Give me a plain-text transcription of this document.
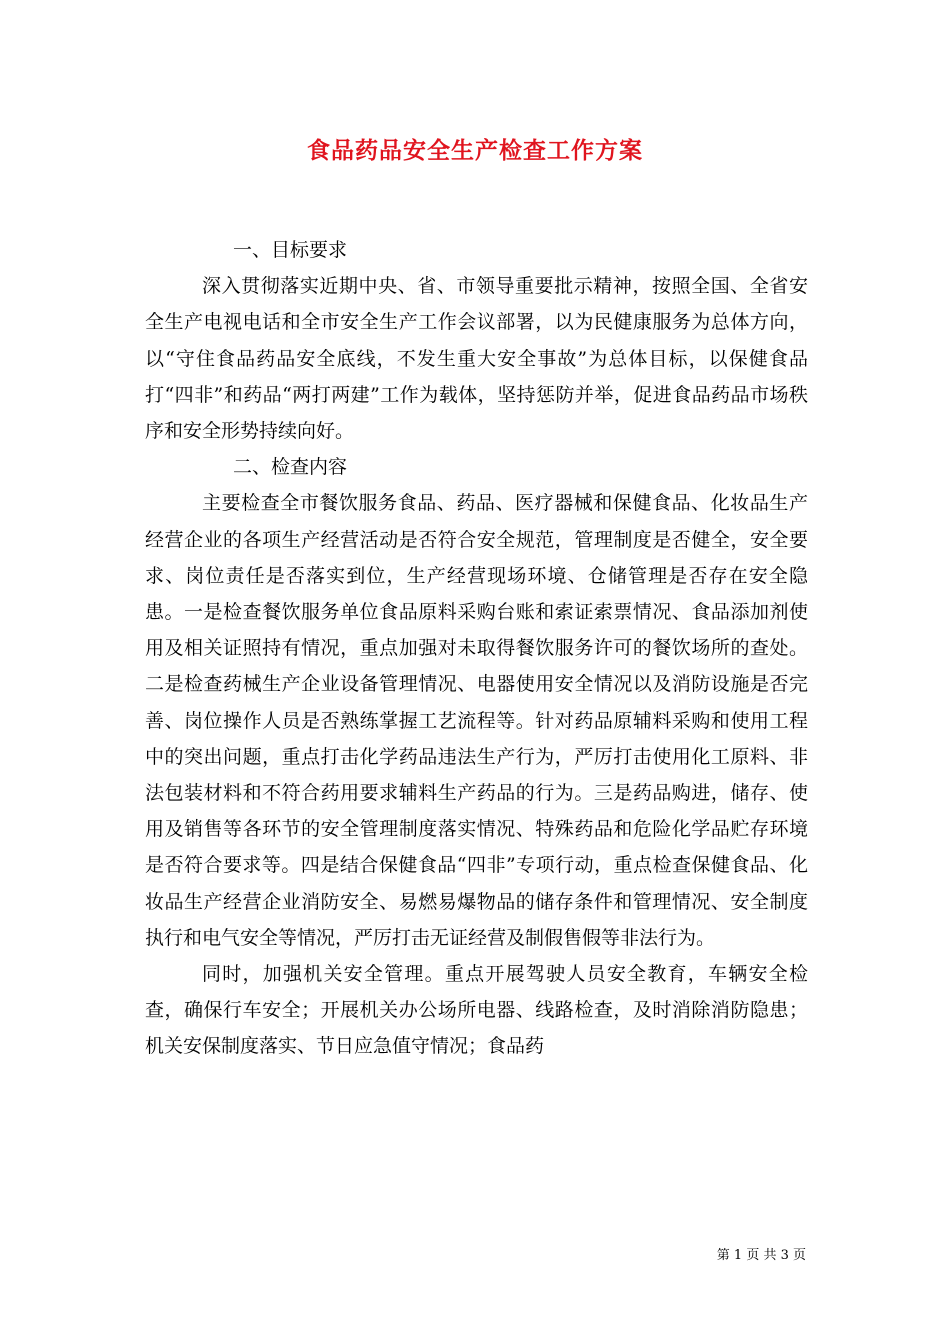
食品药品安全生产检查工作方案

一、目标要求

深入贯彻落实近期中央、省、市领导重要批示精神，按照全国、全省安全生产电视电话和全市安全生产工作会议部署，以为民健康服务为总体方向，以“守住食品药品安全底线，不发生重大安全事故”为总体目标，以保健食品打“四非”和药品“两打两建”工作为载体，坚持惩防并举，促进食品药品市场秩序和安全形势持续向好。

二、检查内容

主要检查全市餐饮服务食品、药品、医疗器械和保健食品、化妆品生产经营企业的各项生产经营活动是否符合安全规范，管理制度是否健全，安全要求、岗位责任是否落实到位，生产经营现场环境、仓储管理是否存在安全隐患。一是检查餐饮服务单位食品原料采购台账和索证索票情况、食品添加剂使用及相关证照持有情况，重点加强对未取得餐饮服务许可的餐饮场所的查处。二是检查药械生产企业设备管理情况、电器使用安全情况以及消防设施是否完善、岗位操作人员是否熟练掌握工艺流程等。针对药品原辅料采购和使用工程中的突出问题，重点打击化学药品违法生产行为，严厉打击使用化工原料、非法包装材料和不符合药用要求辅料生产药品的行为。三是药品购进，储存、使用及销售等各环节的安全管理制度落实情况、特殊药品和危险化学品贮存环境是否符合要求等。四是结合保健食品“四非”专项行动，重点检查保健食品、化妆品生产经营企业消防安全、易燃易爆物品的储存条件和管理情况、安全制度执行和电气安全等情况，严厉打击无证经营及制假售假等非法行为。

同时，加强机关安全管理。重点开展驾驶人员安全教育，车辆安全检查，确保行车安全；开展机关办公场所电器、线路检查，及时消除消防隐患；机关安保制度落实、节日应急值守情况；食品药

第 1 页 共 3 页
